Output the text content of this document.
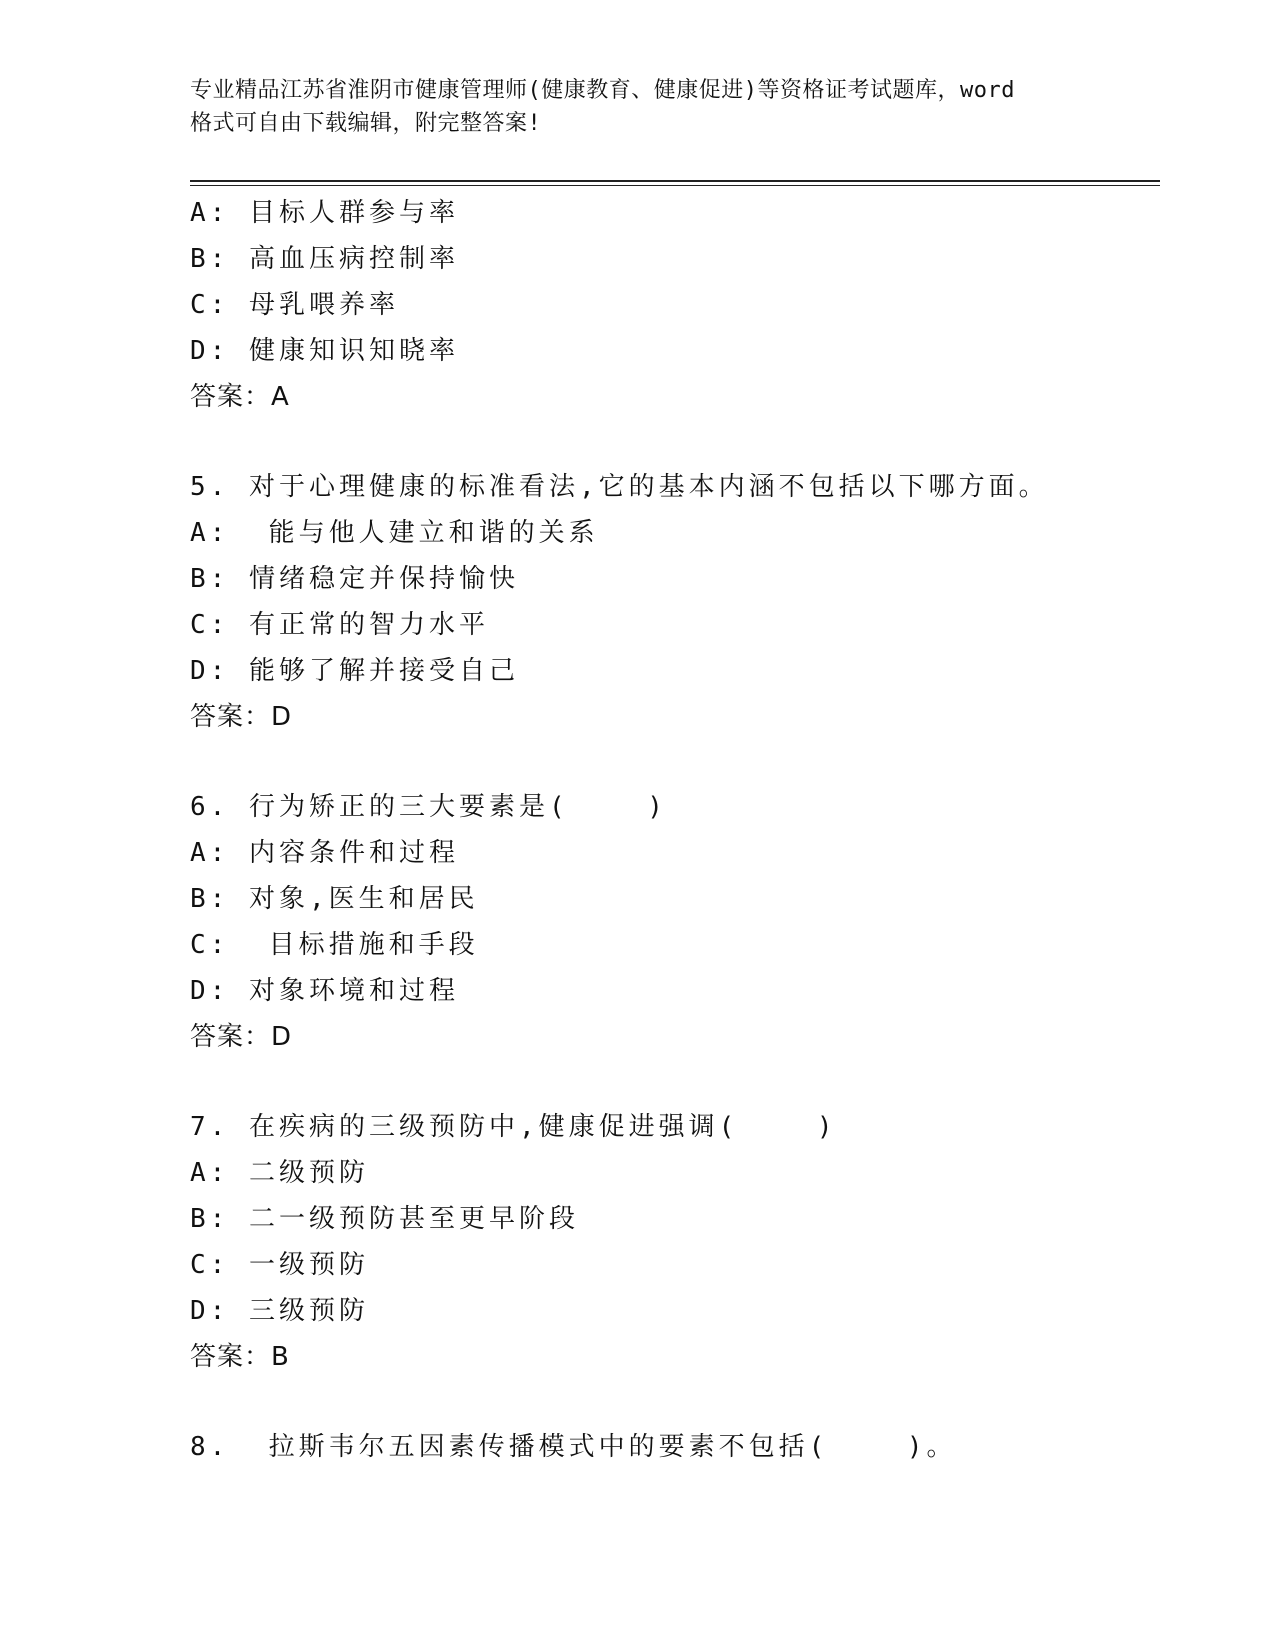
专业精品江苏省淮阴市健康管理师(健康教育、健康促进)等资格证考试题库，word
格式可自由下载编辑，附完整答案!
A: 目标人群参与率
B: 高血压病控制率
C: 母乳喂养率
D: 健康知识知晓率
答案：A
5. 对于心理健康的标准看法,它的基本内涵不包括以下哪方面。
A:  能与他人建立和谐的关系
B: 情绪稳定并保持愉快
C: 有正常的智力水平
D: 能够了解并接受自己
答案：D
6. 行为矫正的三大要素是(    )
A: 内容条件和过程
B: 对象,医生和居民
C:  目标措施和手段
D: 对象环境和过程
答案：D
7. 在疾病的三级预防中,健康促进强调(    )
A: 二级预防
B: 二一级预防甚至更早阶段
C: 一级预防
D: 三级预防
答案：B
8.  拉斯韦尔五因素传播模式中的要素不包括(    )。
